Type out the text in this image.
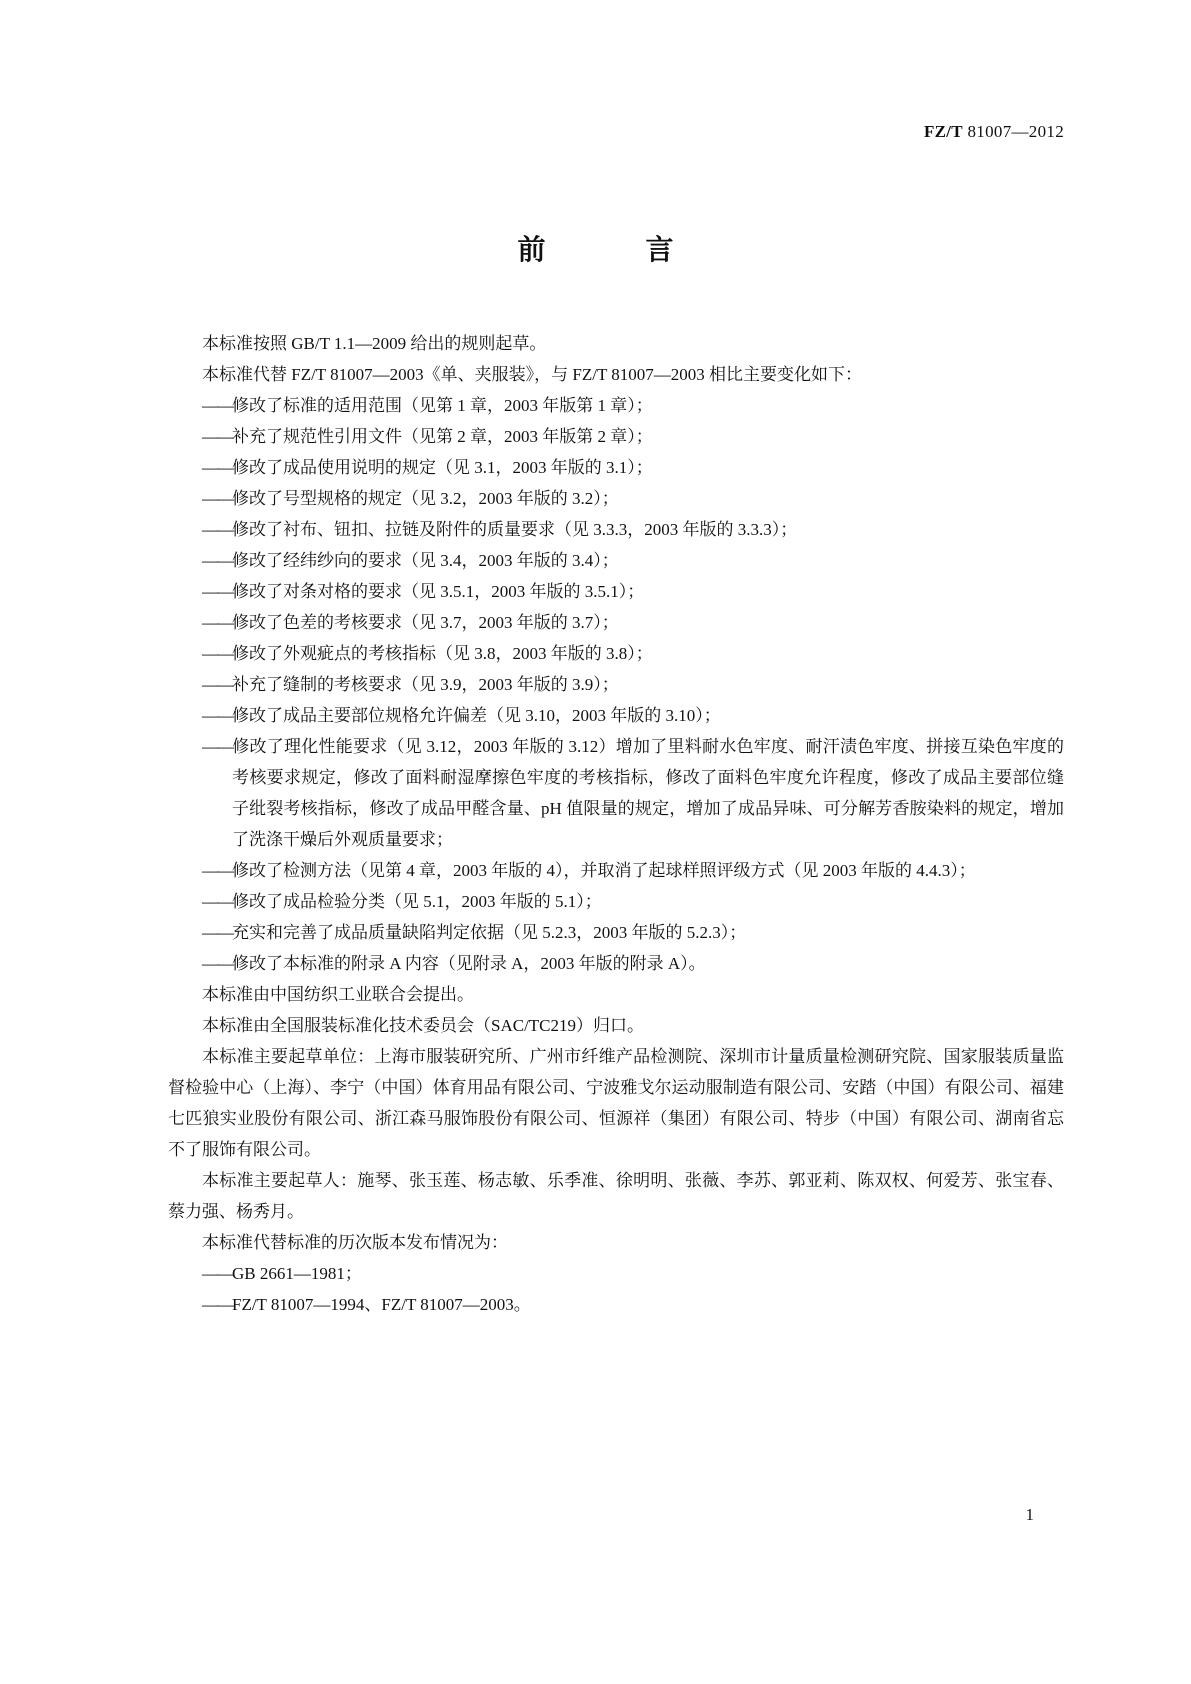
FZ/T 81007—2012
前　言

本标准按照 GB/T 1.1—2009 给出的规则起草。

本标准代替 FZ/T 81007—2003《单、夹服装》，与 FZ/T 81007—2003 相比主要变化如下：

——修改了标准的适用范围（见第 1 章，2003 年版第 1 章）；

——补充了规范性引用文件（见第 2 章，2003 年版第 2 章）；

——修改了成品使用说明的规定（见 3.1，2003 年版的 3.1）；

——修改了号型规格的规定（见 3.2，2003 年版的 3.2）；

——修改了衬布、钮扣、拉链及附件的质量要求（见 3.3.3，2003 年版的 3.3.3）；

——修改了经纬纱向的要求（见 3.4，2003 年版的 3.4）；

——修改了对条对格的要求（见 3.5.1，2003 年版的 3.5.1）；

——修改了色差的考核要求（见 3.7，2003 年版的 3.7）；

——修改了外观疵点的考核指标（见 3.8，2003 年版的 3.8）；

——补充了缝制的考核要求（见 3.9，2003 年版的 3.9）；

——修改了成品主要部位规格允许偏差（见 3.10，2003 年版的 3.10）；

——修改了理化性能要求（见 3.12，2003 年版的 3.12）增加了里料耐水色牢度、耐汗渍色牢度、拼接互染色牢度的考核要求规定，修改了面料耐湿摩擦色牢度的考核指标，修改了面料色牢度允许程度，修改了成品主要部位缝子纰裂考核指标，修改了成品甲醛含量、pH 值限量的规定，增加了成品异味、可分解芳香胺染料的规定，增加了洗涤干燥后外观质量要求；

——修改了检测方法（见第 4 章，2003 年版的 4），并取消了起球样照评级方式（见 2003 年版的 4.4.3）；

——修改了成品检验分类（见 5.1，2003 年版的 5.1）；

——充实和完善了成品质量缺陷判定依据（见 5.2.3，2003 年版的 5.2.3）；

——修改了本标准的附录 A 内容（见附录 A，2003 年版的附录 A）。

本标准由中国纺织工业联合会提出。

本标准由全国服装标准化技术委员会（SAC/TC219）归口。

本标准主要起草单位：上海市服装研究所、广州市纤维产品检测院、深圳市计量质量检测研究院、国家服装质量监督检验中心（上海）、李宁（中国）体育用品有限公司、宁波雅戈尔运动服制造有限公司、安踏（中国）有限公司、福建七匹狼实业股份有限公司、浙江森马服饰股份有限公司、恒源祥（集团）有限公司、特步（中国）有限公司、湖南省忘不了服饰有限公司。

本标准主要起草人：施琴、张玉莲、杨志敏、乐季准、徐明明、张薇、李苏、郭亚莉、陈双权、何爱芳、张宝春、蔡力强、杨秀月。

本标准代替标准的历次版本发布情况为：

——GB 2661—1981；

——FZ/T 81007—1994、FZ/T 81007—2003。

1
